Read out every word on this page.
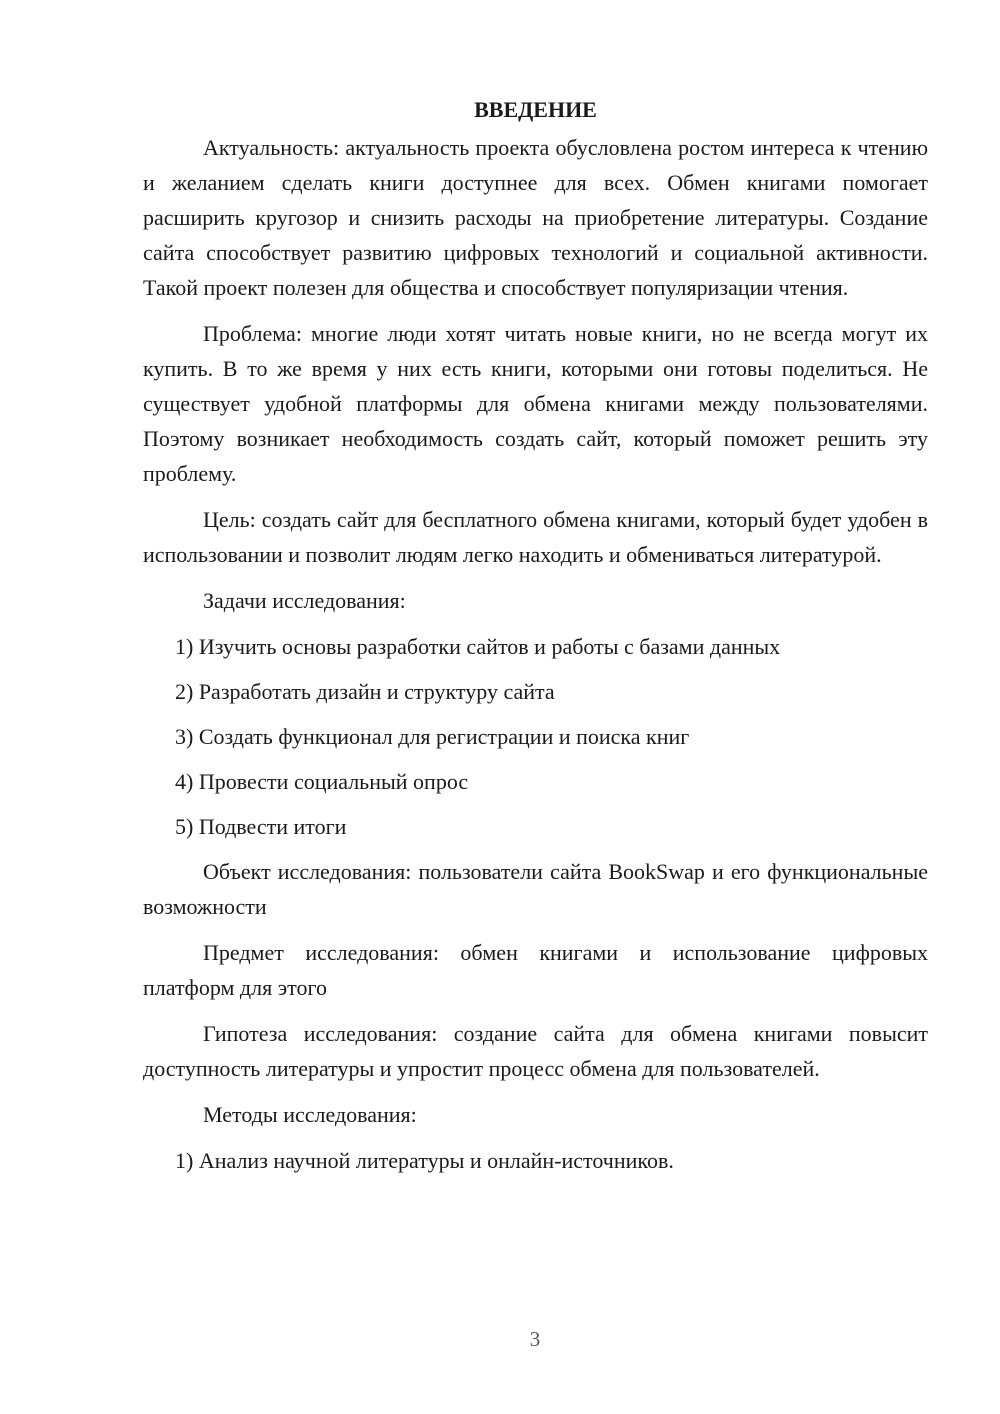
ВВЕДЕНИЕ

Актуальность: актуальность проекта обусловлена ростом интереса к чтению и желанием сделать книги доступнее для всех. Обмен книгами помогает расширить кругозор и снизить расходы на приобретение литературы. Создание сайта способствует развитию цифровых технологий и социальной активности. Такой проект полезен для общества и способствует популяризации чтения.

Проблема: многие люди хотят читать новые книги, но не всегда могут их купить. В то же время у них есть книги, которыми они готовы поделиться. Не существует удобной платформы для обмена книгами между пользователями. Поэтому возникает необходимость создать сайт, который поможет решить эту проблему.

Цель: создать сайт для бесплатного обмена книгами, который будет удобен в использовании и позволит людям легко находить и обмениваться литературой.

Задачи исследования:

1) Изучить основы разработки сайтов и работы с базами данных
2) Разработать дизайн и структуру сайта
3) Создать функционал для регистрации и поиска книг
4) Провести социальный опрос
5) Подвести итоги

Объект исследования: пользователи сайта BookSwap и его функциональные возможности

Предмет исследования: обмен книгами и использование цифровых платформ для этого

Гипотеза исследования: создание сайта для обмена книгами повысит доступность литературы и упростит процесс обмена для пользователей.

Методы исследования:

1) Анализ научной литературы и онлайн-источников.
3
